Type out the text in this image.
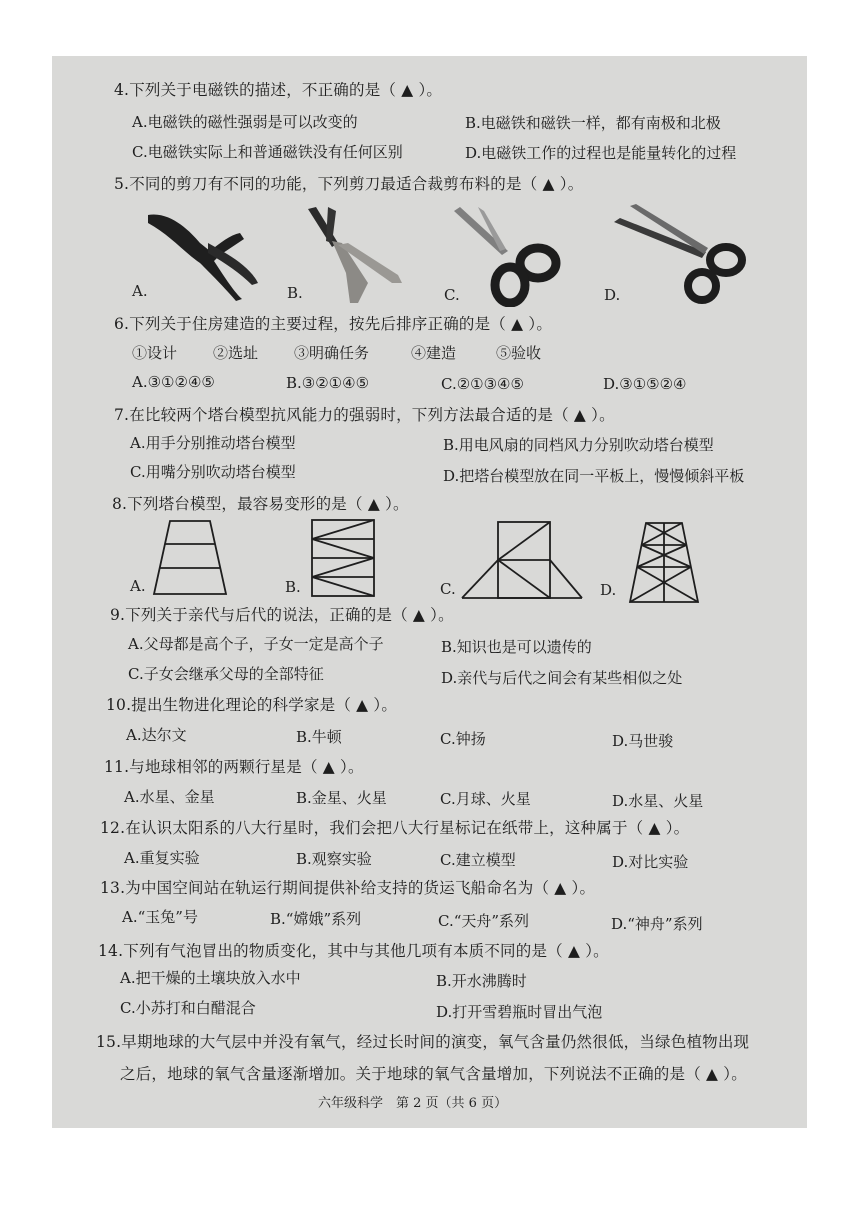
4.下列关于电磁铁的描述，不正确的是（ ▲ ）。
A.电磁铁的磁性强弱是可以改变的	B.电磁铁和磁铁一样，都有南极和北极
C.电磁铁实际上和普通磁铁没有任何区别	D.电磁铁工作的过程也是能量转化的过程
5.不同的剪刀有不同的功能，下列剪刀最适合裁剪布料的是（ ▲ ）。
A.	B.	C.	D.
6.下列关于住房建造的主要过程，按先后排序正确的是（ ▲ ）。
①设计 ②选址 ③明确任务	④建造	⑤验收
A.③①②④⑤	B.③②①④⑤	C.②①③④⑤	D.③①⑤②④
7.在比较两个塔台模型抗风能力的强弱时，下列方法最合适的是（ ▲ ）。
A.用手分别推动塔台模型	B.用电风扇的同档风力分别吹动塔台模型
C.用嘴分别吹动塔台模型	D.把塔台模型放在同一平板上，慢慢倾斜平板
8.下列塔台模型，最容易变形的是（ ▲ ）。
A.	B.	C.	D.
9.下列关于亲代与后代的说法，正确的是（ ▲ ）。
A.父母都是高个子，子女一定是高个子	B.知识也是可以遗传的
C.子女会继承父母的全部特征	D.亲代与后代之间会有某些相似之处
10.提出生物进化理论的科学家是（ ▲ ）。
A.达尔文	B.牛顿	C.钟扬	D.马世骏
11.与地球相邻的两颗行星是（ ▲ ）。
A.水星、金星	B.金星、火星	C.月球、火星	D.水星、火星
12.在认识太阳系的八大行星时，我们会把八大行星标记在纸带上，这种属于（ ▲ ）。
A.重复实验	B.观察实验	C.建立模型	D.对比实验
13.为中国空间站在轨运行期间提供补给支持的货运飞船命名为（ ▲ ）。
A.“玉兔”号	B.“嫦娥”系列	C.“天舟”系列	D.“神舟”系列
14.下列有气泡冒出的物质变化，其中与其他几项有本质不同的是（ ▲ ）。
A.把干燥的土壤块放入水中	B.开水沸腾时
C.小苏打和白醋混合	D.打开雪碧瓶时冒出气泡
15.早期地球的大气层中并没有氧气，经过长时间的演变，氧气含量仍然很低，当绿色植物出现
之后，地球的氧气含量逐渐增加。关于地球的氧气含量增加，下列说法不正确的是（ ▲ ）。
六年级科学　第 2 页（共 6 页）
